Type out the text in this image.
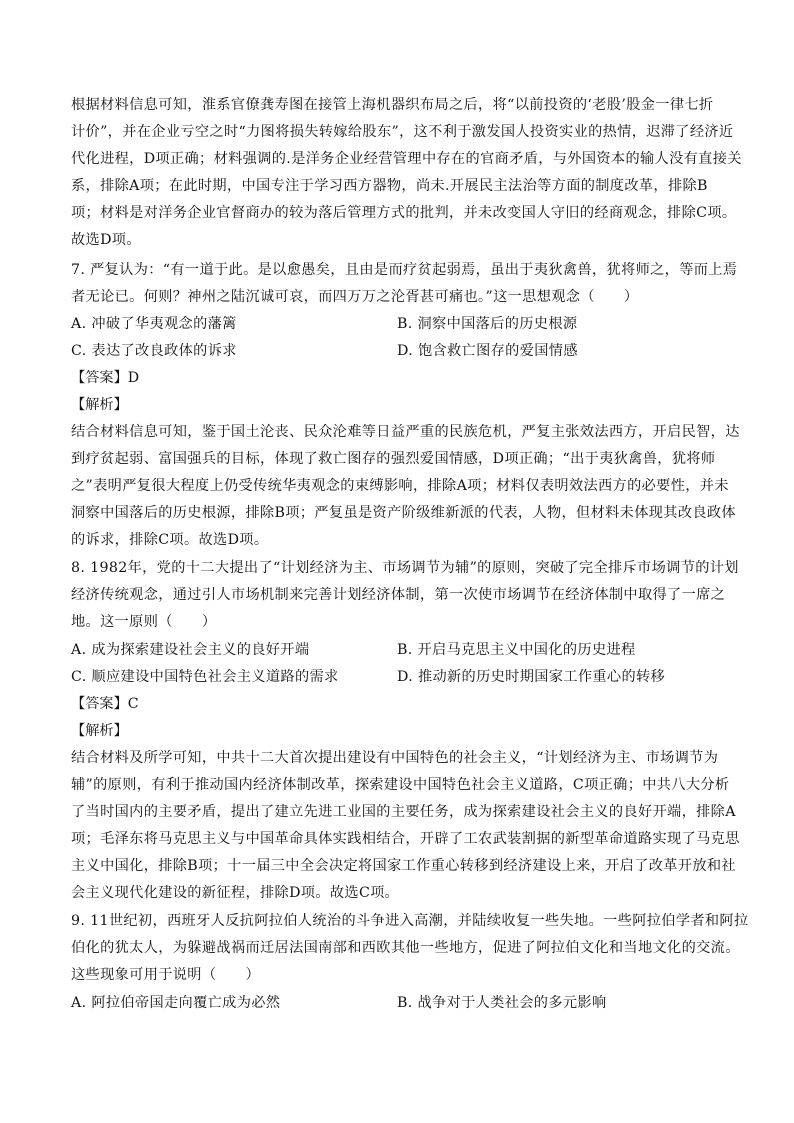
根据材料信息可知，淮系官僚龚寿图在接管上海机器织布局之后，将“以前投资的‘老股’股金一律七折
计价”，并在企业亏空之时“力图将损失转嫁给股东”，这不利于激发国人投资实业的热情，迟滞了经济近
代化进程，D项正确；材料强调的.是洋务企业经营管理中存在的官商矛盾，与外国资本的输人没有直接关
系，排除A项；在此时期，中国专注于学习西方器物，尚未.开展民主法治等方面的制度改革，排除B
项；材料是对洋务企业官督商办的较为落后管理方式的批判，并未改变国人守旧的经商观念，排除C项。
故选D项。
7. 严复认为：“有一道于此。是以愈愚矣，且由是而疗贫起弱焉，虽出于夷狄禽兽，犹将师之，等而上焉
者无论已。何则？神州之陆沉诚可哀，而四万万之沦胥甚可痛也。”这一思想观念（　　）
A. 冲破了华夷观念的藩篱	B. 洞察中国落后的历史根源
C. 表达了改良政体的诉求	D. 饱含救亡图存的爱国情感
【答案】D
【解析】
结合材料信息可知，鉴于国土沦丧、民众沦难等日益严重的民族危机，严复主张效法西方，开启民智，达
到疗贫起弱、富国强兵的目标，体现了救亡图存的强烈爱国情感，D项正确；“出于夷狄禽兽，犹将师
之”表明严复很大程度上仍受传统华夷观念的束缚影响，排除A项；材料仅表明效法西方的必要性，并未
洞察中国落后的历史根源，排除B项；严复虽是资产阶级维新派的代表，人物，但材料未体现其改良政体
的诉求，排除C项。故选D项。
8. 1982年，党的十二大提出了“计划经济为主、市场调节为辅”的原则，突破了完全排斥市场调节的计划
经济传统观念，通过引人市场机制来完善计划经济体制，第一次使市场调节在经济体制中取得了一席之
地。这一原则（　　）
A. 成为探索建设社会主义的良好开端	B. 开启马克思主义中国化的历史进程
C. 顺应建设中国特色社会主义道路的需求	D. 推动新的历史时期国家工作重心的转移
【答案】C
【解析】
结合材料及所学可知，中共十二大首次提出建设有中国特色的社会主义，“计划经济为主、市场调节为
辅”的原则，有利于推动国内经济体制改革，探索建设中国特色社会主义道路，C项正确；中共八大分析
了当时国内的主要矛盾，提出了建立先进工业国的主要任务，成为探索建设社会主义的良好开端，排除A
项；毛泽东将马克思主义与中国革命具体实践相结合，开辟了工农武装割据的新型革命道路实现了马克思
主义中国化，排除B项；十一届三中全会决定将国家工作重心转移到经济建设上来，开启了改革开放和社
会主义现代化建设的新征程，排除D项。故选C项。
9. 11世纪初，西班牙人反抗阿拉伯人统治的斗争进入高潮，并陆续收复一些失地。一些阿拉伯学者和阿拉
伯化的犹太人，为躲避战祸而迁居法国南部和西欧其他一些地方，促进了阿拉伯文化和当地文化的交流。
这些现象可用于说明（　　）
A. 阿拉伯帝国走向覆亡成为必然	B. 战争对于人类社会的多元影响
